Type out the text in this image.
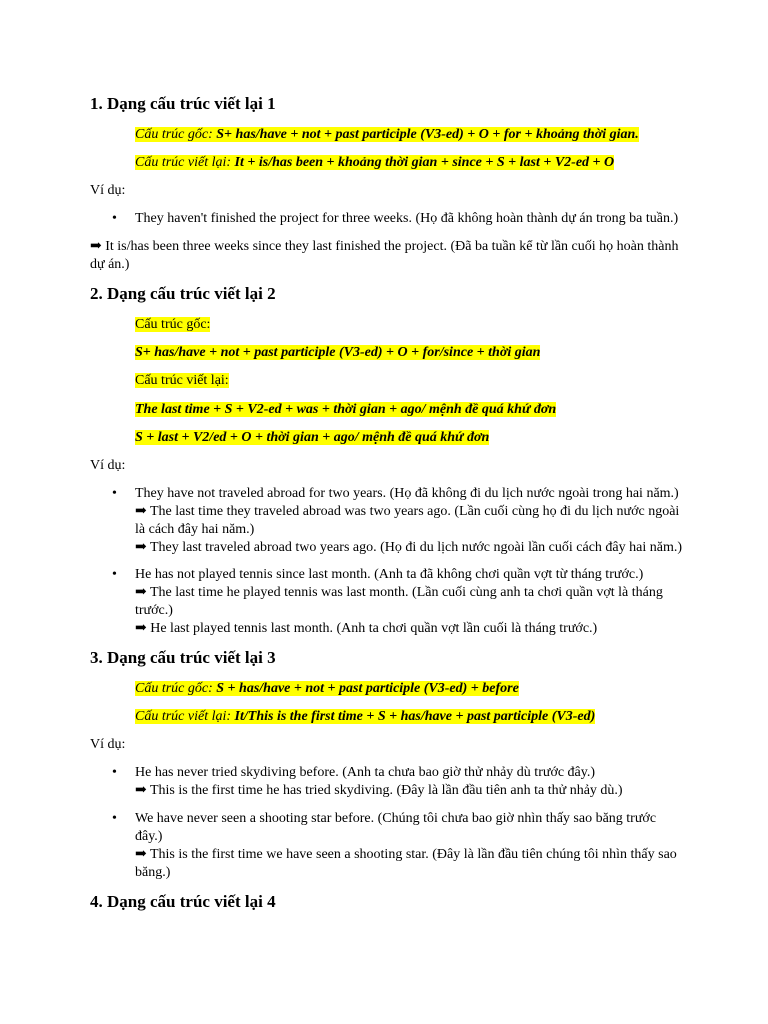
1. Dạng cấu trúc viết lại 1
Cấu trúc gốc: S+ has/have + not + past participle (V3-ed) + O + for + khoảng thời gian.
Cấu trúc viết lại: It + is/has been + khoảng thời gian + since + S + last + V2-ed + O
Ví dụ:
• They haven't finished the project for three weeks. (Họ đã không hoàn thành dự án trong ba tuần.)
➡ It is/has been three weeks since they last finished the project. (Đã ba tuần kể từ lần cuối họ hoàn thành
dự án.)
2. Dạng cấu trúc viết lại 2
Cấu trúc gốc:
S+ has/have + not + past participle (V3-ed) + O + for/since + thời gian
Cấu trúc viết lại:
The last time + S + V2-ed + was + thời gian + ago/ mệnh đề quá khứ đơn
S + last + V2/ed + O + thời gian + ago/ mệnh đề quá khứ đơn
Ví dụ:
• They have not traveled abroad for two years. (Họ đã không đi du lịch nước ngoài trong hai năm.)
➡ The last time they traveled abroad was two years ago. (Lần cuối cùng họ đi du lịch nước ngoài
là cách đây hai năm.)
➡ They last traveled abroad two years ago. (Họ đi du lịch nước ngoài lần cuối cách đây hai năm.)
• He has not played tennis since last month. (Anh ta đã không chơi quần vợt từ tháng trước.)
➡ The last time he played tennis was last month. (Lần cuối cùng anh ta chơi quần vợt là tháng
trước.)
➡ He last played tennis last month. (Anh ta chơi quần vợt lần cuối là tháng trước.)
3. Dạng cấu trúc viết lại 3
Cấu trúc gốc: S + has/have + not + past participle (V3-ed) + before
Cấu trúc viết lại: It/This is the first time + S + has/have + past participle (V3-ed)
Ví dụ:
• He has never tried skydiving before. (Anh ta chưa bao giờ thử nhảy dù trước đây.)
➡ This is the first time he has tried skydiving. (Đây là lần đầu tiên anh ta thử nhảy dù.)
• We have never seen a shooting star before. (Chúng tôi chưa bao giờ nhìn thấy sao băng trước
đây.)
➡ This is the first time we have seen a shooting star. (Đây là lần đầu tiên chúng tôi nhìn thấy sao
băng.)
4. Dạng cấu trúc viết lại 4
